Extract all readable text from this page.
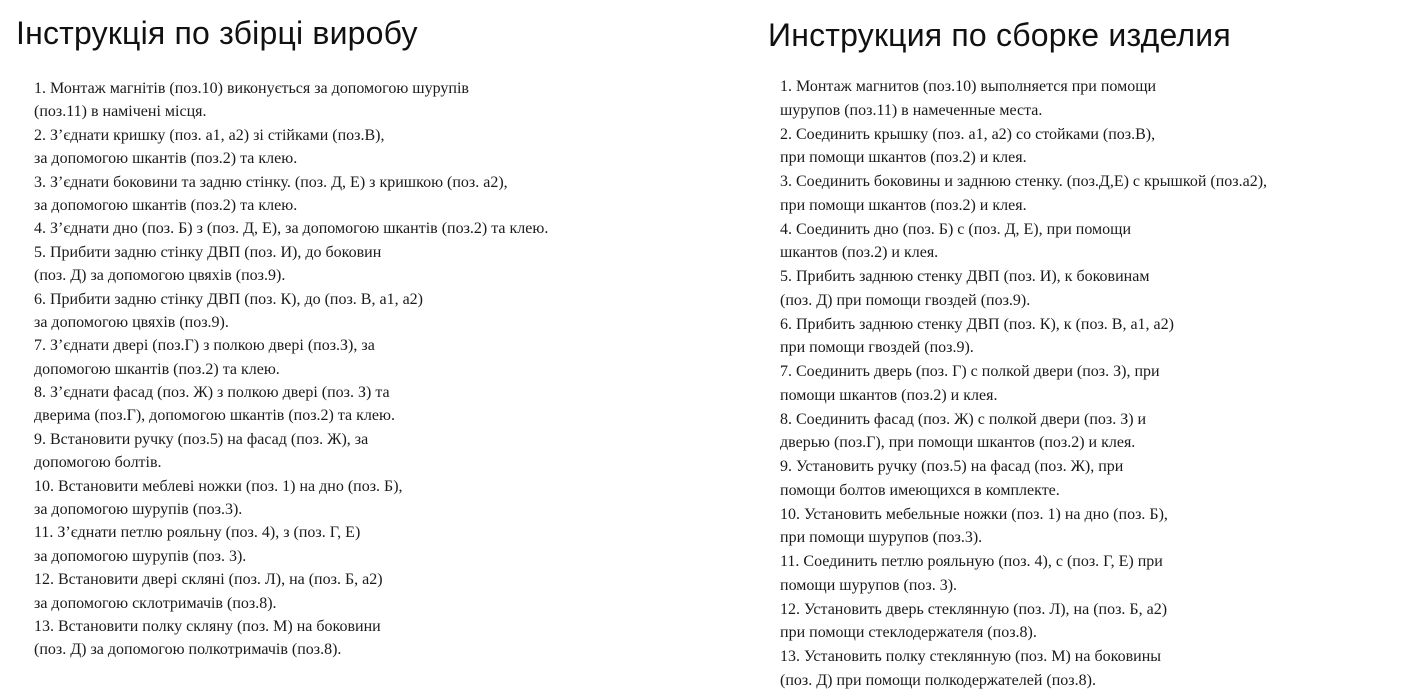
Інструкція по збірці виробу
1. Монтаж магнітів (поз.10) виконується за допомогою шурупів
(поз.11) в намічені місця.
2. З’єднати кришку (поз. а1, а2) зі стійками (поз.В),
за допомогою шкантів (поз.2) та клею.
3. З’єднати боковини та задню стінку. (поз. Д, Е) з кришкою (поз. а2),
за допомогою шкантів (поз.2) та клею.
4. З’єднати дно (поз. Б) з (поз. Д, Е), за допомогою шкантів (поз.2) та клею.
5. Прибити задню стінку ДВП (поз. И), до боковин
(поз. Д) за допомогою цвяхів (поз.9).
6. Прибити задню стінку ДВП (поз. К), до (поз. В, а1, а2)
за допомогою цвяхів (поз.9).
7. З’єднати двері (поз.Г) з полкою двері (поз.З), за
допомогою шкантів (поз.2) та клею.
8. З’єднати фасад (поз. Ж) з полкою двері (поз. З) та
дверима (поз.Г), допомогою шкантів (поз.2) та клею.
9. Встановити ручку (поз.5) на фасад (поз. Ж), за
допомогою болтів.
10. Встановити меблеві ножки (поз. 1) на дно (поз. Б),
за допомогою шурупів (поз.3).
11. З’єднати петлю рояльну (поз. 4), з (поз. Г, Е)
за допомогою шурупів (поз. 3).
12. Встановити двері скляні (поз. Л), на (поз. Б, а2)
за допомогою склотримачів (поз.8).
13. Встановити полку скляну (поз. М) на боковини
(поз. Д) за допомогою полкотримачів (поз.8).
Инструкция по сборке изделия
1. Монтаж магнитов (поз.10) выполняется при помощи
шурупов (поз.11) в намеченные места.
2. Соединить крышку (поз. а1, а2) со стойками (поз.В),
при помощи шкантов (поз.2) и клея.
3. Соединить боковины и заднюю стенку. (поз.Д,Е) с крышкой (поз.а2),
при помощи шкантов (поз.2) и клея.
4. Соединить дно (поз. Б) с (поз. Д, Е), при помощи
шкантов (поз.2) и клея.
5. Прибить заднюю стенку ДВП (поз. И), к боковинам
(поз. Д) при помощи гвоздей (поз.9).
6. Прибить заднюю стенку ДВП (поз. К), к (поз. В, а1, а2)
при помощи гвоздей (поз.9).
7. Соединить дверь (поз. Г) с полкой двери (поз. З), при
помощи шкантов (поз.2) и клея.
8. Соединить фасад (поз. Ж) с полкой двери (поз. З) и
дверью (поз.Г), при помощи шкантов (поз.2) и клея.
9. Установить ручку (поз.5) на фасад (поз. Ж), при
помощи болтов имеющихся в комплекте.
10. Установить мебельные ножки (поз. 1) на дно (поз. Б),
при помощи шурупов (поз.3).
11. Соединить петлю рояльную (поз. 4), с (поз. Г, Е) при
помощи шурупов (поз. 3).
12. Установить дверь стеклянную (поз. Л), на (поз. Б, а2)
при помощи стеклодержателя (поз.8).
13. Установить полку стеклянную (поз. М) на боковины
(поз. Д) при помощи полкодержателей (поз.8).
